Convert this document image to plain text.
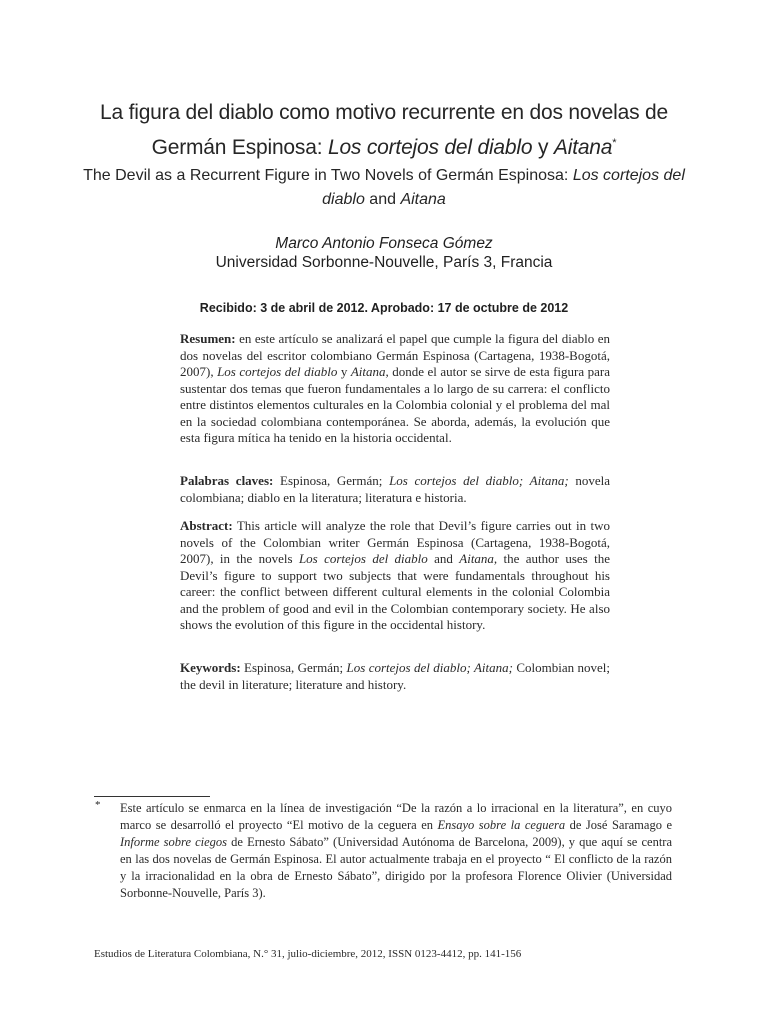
La figura del diablo como motivo recurrente en dos novelas de
Germán Espinosa: Los cortejos del diablo y Aitana*
The Devil as a Recurrent Figure in Two Novels of Germán Espinosa: Los cortejos del diablo and Aitana
Marco Antonio Fonseca Gómez
Universidad Sorbonne-Nouvelle, París 3, Francia
Recibido: 3 de abril de 2012. Aprobado: 17 de octubre de 2012
Resumen: en este artículo se analizará el papel que cumple la figura del diablo en dos novelas del escritor colombiano Germán Espinosa (Cartagena, 1938-Bogotá, 2007), Los cortejos del diablo y Aitana, donde el autor se sirve de esta figura para sustentar dos temas que fueron fundamentales a lo largo de su carrera: el conflicto entre distintos elementos culturales en la Colombia colonial y el problema del mal en la sociedad colombiana contemporánea. Se aborda, además, la evolución que esta figura mítica ha tenido en la historia occidental.
Palabras claves: Espinosa, Germán; Los cortejos del diablo; Aitana; novela colombiana; diablo en la literatura; literatura e historia.
Abstract: This article will analyze the role that Devil’s figure carries out in two novels of the Colombian writer Germán Espinosa (Cartagena, 1938-Bogotá, 2007), in the novels Los cortejos del diablo and Aitana, the author uses the Devil’s figure to support two subjects that were fundamentals throughout his career: the conflict between different cultural elements in the colonial Colombia and the problem of good and evil in the Colombian contemporary society. He also shows the evolution of this figure in the occidental history.
Keywords: Espinosa, Germán; Los cortejos del diablo; Aitana; Colombian novel; the devil in literature; literature and history.
* Este artículo se enmarca en la línea de investigación “De la razón a lo irracional en la literatura”, en cuyo marco se desarrolló el proyecto “El motivo de la ceguera en Ensayo sobre la ceguera de José Saramago e Informe sobre ciegos de Ernesto Sábato” (Universidad Autónoma de Barcelona, 2009), y que aquí se centra en las dos novelas de Germán Espinosa. El autor actualmente trabaja en el proyecto “ El conflicto de la razón y la irracionalidad en la obra de Ernesto Sábato”, dirigido por la profesora Florence Olivier (Universidad Sorbonne-Nouvelle, París 3).
Estudios de Literatura Colombiana, N.° 31, julio-diciembre, 2012, ISSN 0123-4412, pp. 141-156
